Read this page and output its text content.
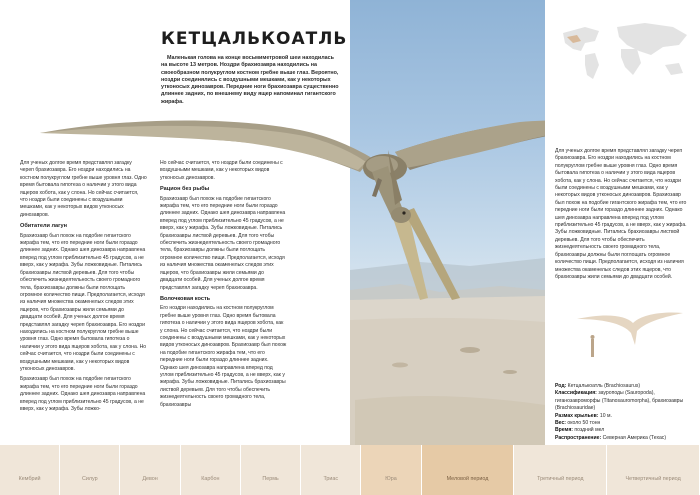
КЕТЦАЛЬКОАТЛЬ
Маленькая голова на конце восьмиметровой шеи находилась на высоте 13 метров. Ноздри брахиозавра находились на своеобразном полукруглом костном гребне выше глаз. Вероятно, ноздри соединялись с воздушными мешками, как у некоторых утконосых динозавров. Передние ноги брахиозавра существенно длиннее задних, по внешнему виду ящер напоминал гигантского жирафа.

Для ученых долгое время представлял загадку череп брахиозавра. Его ноздри находились на костном полукруглом гребне выше уровня глаз. Одно время бытовала гипотеза о наличии у этого вида ящеров хобота, как у слона. Но сейчас считается, что ноздри были соединены с воздушными мешками, как у некоторых видов утконосых динозавров.

Обитатели лагун

Брахиозавр был похож на подобие гигантского жирафа тем, что его передние ноги были гораздо длиннее задних. Однако шея динозавра направлена вперед под углом приблизительно 45 градусов, а не вверх, как у жирафа. Зубы ложковидные. Питались брахиозавры листвой деревьев. Для того чтобы обеспечить жизнедеятельность своего громадного тела, брахиозавры должны были поглощать огромное количество пищи. Предполагается, исходя из наличия множества окаменелых следов этих ящеров, что брахиозавры жили семьями до двадцати особей. Для ученых долгое время представлял загадку череп брахиозавра. Его ноздри находились на костном полукруглом гребне выше уровня глаз. Одно время бытовала гипотеза о наличии у этого вида ящеров хобота, как у слона. Но сейчас считается, что ноздри были соединены с воздушными мешками, как у некоторых видов утконосых динозавров.

Брахиозавр был похож на подобие гигантского жирафа тем, что его передние ноги были гораздо длиннее задних. Однако шея динозавра направлена вперед под углом приблизительно 45 градусов, а не вверх, как у жирафа. Зубы ложко-

Но сейчас считается, что ноздри были соединены с воздушными мешками, как у некоторых видов утконосых динозавров.

Рацион без рыбы

Брахиозавр был похож на подобие гигантского жирафа тем, что его передние ноги были гораздо длиннее задних. Однако шея динозавра направлена вперед под углом приблизительно 45 градусов, а не вверх, как у жирафа. Зубы ложковидные. Питались брахиозавры листвой деревьев. Для того чтобы обеспечить жизнедеятельность своего громадного тела, брахиозавры должны были поглощать огромное количество пищи. Предполагается, исходя из наличия множества окаменелых следов этих ящеров, что брахиозавры жили семьями до двадцати особей. Для ученых долгое время представлял загадку череп брахиозавра.

Волочковая кость

Его ноздри находились на костном полукруглом гребне выше уровня глаз. Одно время бытовала гипотеза о наличии у этого вида ящеров хобота, как у слона. Но сейчас считается, что ноздри были соединены с воздушными мешками, как у некоторых видов утконосых динозавров. Брахиозавр был похож на подобие гигантского жирафа тем, что его передние ноги были гораздо длиннее задних. Однако шея динозавра направлена вперед под углом приблизительно 45 градусов, а не вверх, как у жирафа. Зубы ложковидные. Питались брахиозавры листвой деревьев. Для того чтобы обеспечить жизнедеятельность своего громадного тела, брахиозавры

Для ученых долгое время представлял загадку череп брахиозавра. Его ноздри находились на костном полукруглом гребне выше уровня глаз. Одно время бытовала гипотеза о наличии у этого вида ящеров хобота, как у слона. Но сейчас считается, что ноздри были соединены с воздушными мешками, как у некоторых видов утконосых динозавров. Брахиозавр был похож на подобие гигантского жирафа тем, что его передние ноги были гораздо длиннее задних. Однако шея динозавра направлена вперед под углом приблизительно 45 градусов, а не вверх, как у жирафа. Зубы ложковидные. Питались брахиозавры листвой деревьев. Для того чтобы обеспечить жизнедеятельность своего громадного тела, брахиозавры должны были поглощать огромное количество пищи. Предполагается, исходя из наличия множества окаменелых следов этих ящеров, что брахиозавры жили семьями до двадцати особей.

Род: Кетцалькоатль (Brachiosaurus)
Классификация: зауроподы (Sauropoda), гиганозавроморфы (Titanosauromorpha), брахиозавры (Brachiosauridae)
Размах крыльев: 10 м.
Вес: около 50 тонн
Время: поздний мел
Распространение: Северная Америка (Техас)
Кембрий	Силур	Девон	Карбон	Пермь	Триас	Юра	Меловой период	Третичный период	Четвертичный период
